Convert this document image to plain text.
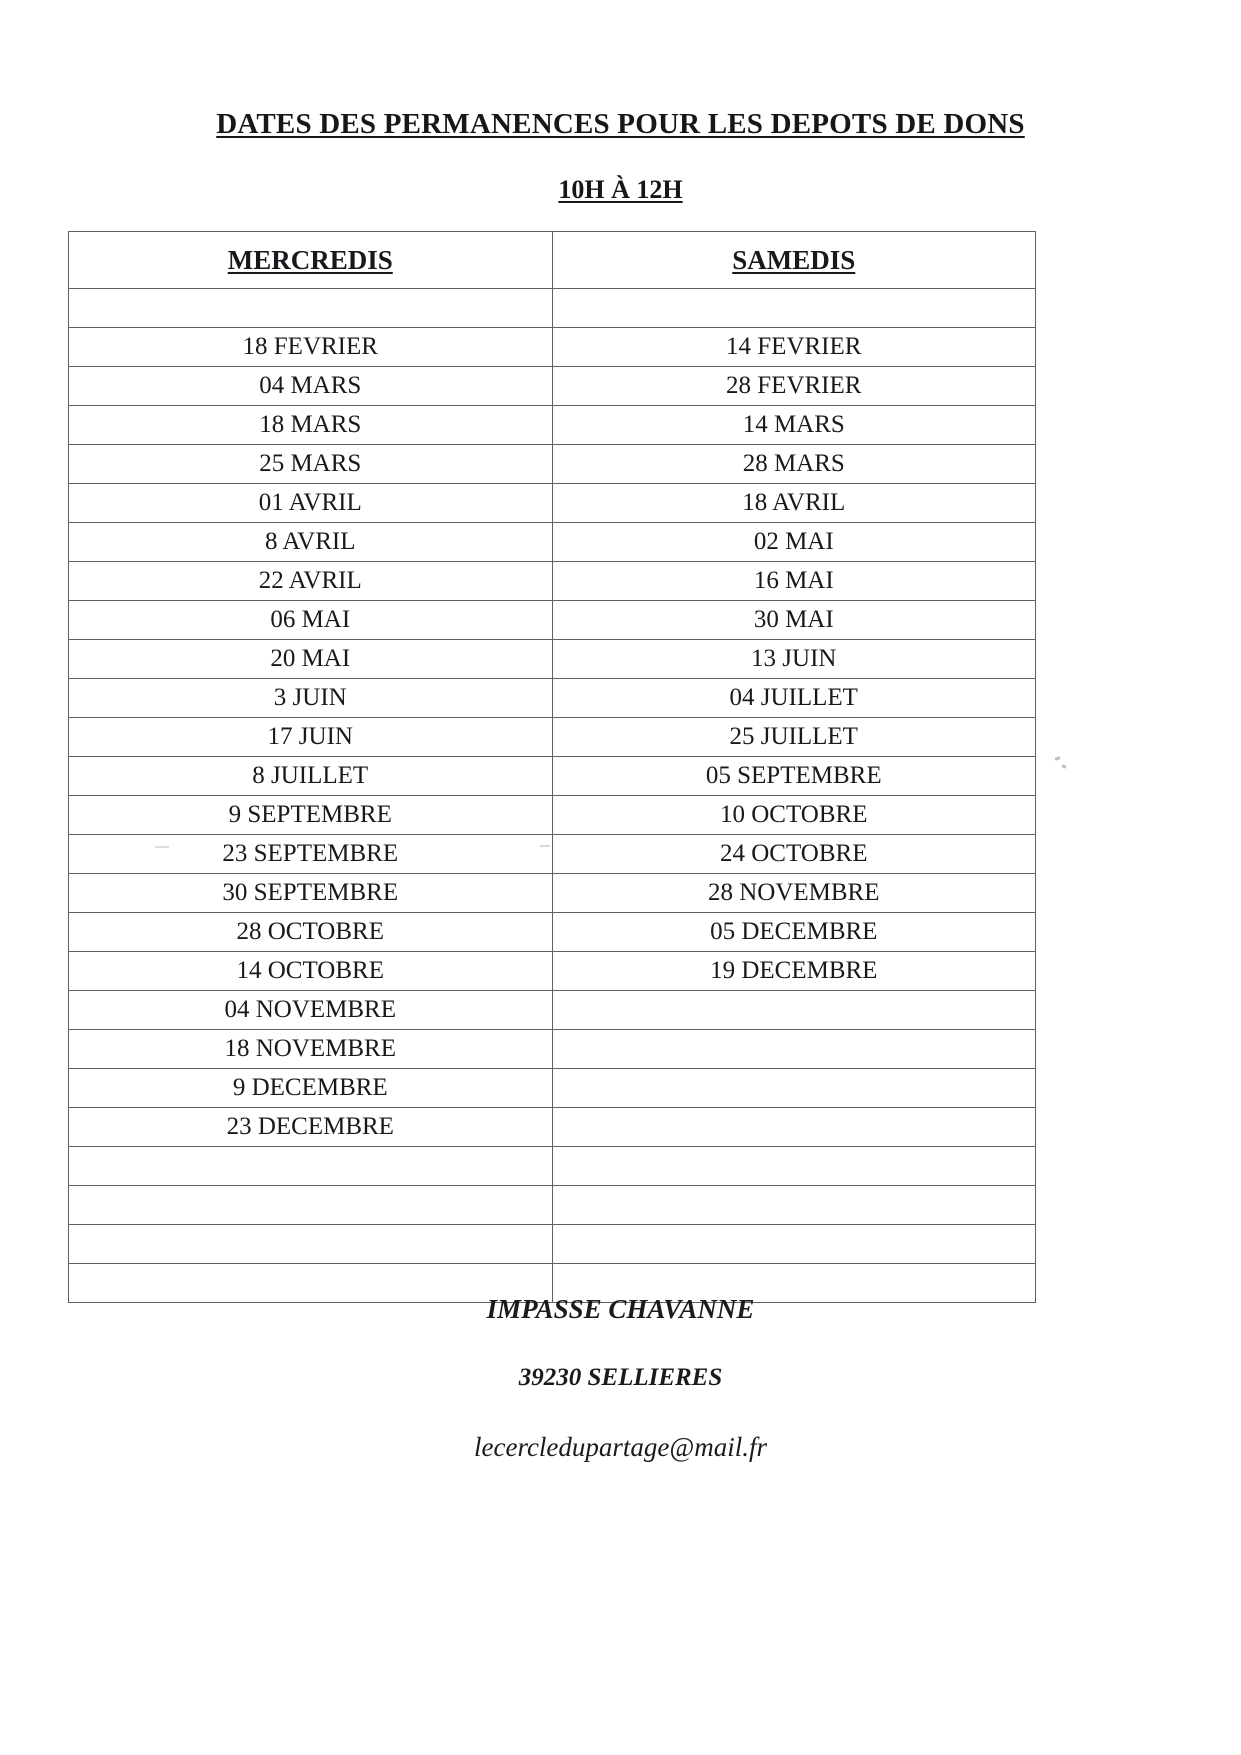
DATES DES PERMANENCES POUR LES DEPOTS DE DONS
10H À 12H
MERCREDIS	SAMEDIS

18 FEVRIER	14 FEVRIER
04 MARS	28 FEVRIER
18 MARS	14 MARS
25 MARS	28 MARS
01 AVRIL	18 AVRIL
8 AVRIL	02 MAI
22 AVRIL	16 MAI
06 MAI	30 MAI
20 MAI	13 JUIN
3 JUIN	04 JUILLET
17 JUIN	25 JUILLET
8 JUILLET	05 SEPTEMBRE
9 SEPTEMBRE	10 OCTOBRE
23 SEPTEMBRE	24 OCTOBRE
30 SEPTEMBRE	28 NOVEMBRE
28 OCTOBRE	05 DECEMBRE
14 OCTOBRE	19 DECEMBRE
04 NOVEMBRE	
18 NOVEMBRE	
9 DECEMBRE	
23 DECEMBRE	

IMPASSE CHAVANNE
39230 SELLIERES
lecercledupartage@mail.fr
